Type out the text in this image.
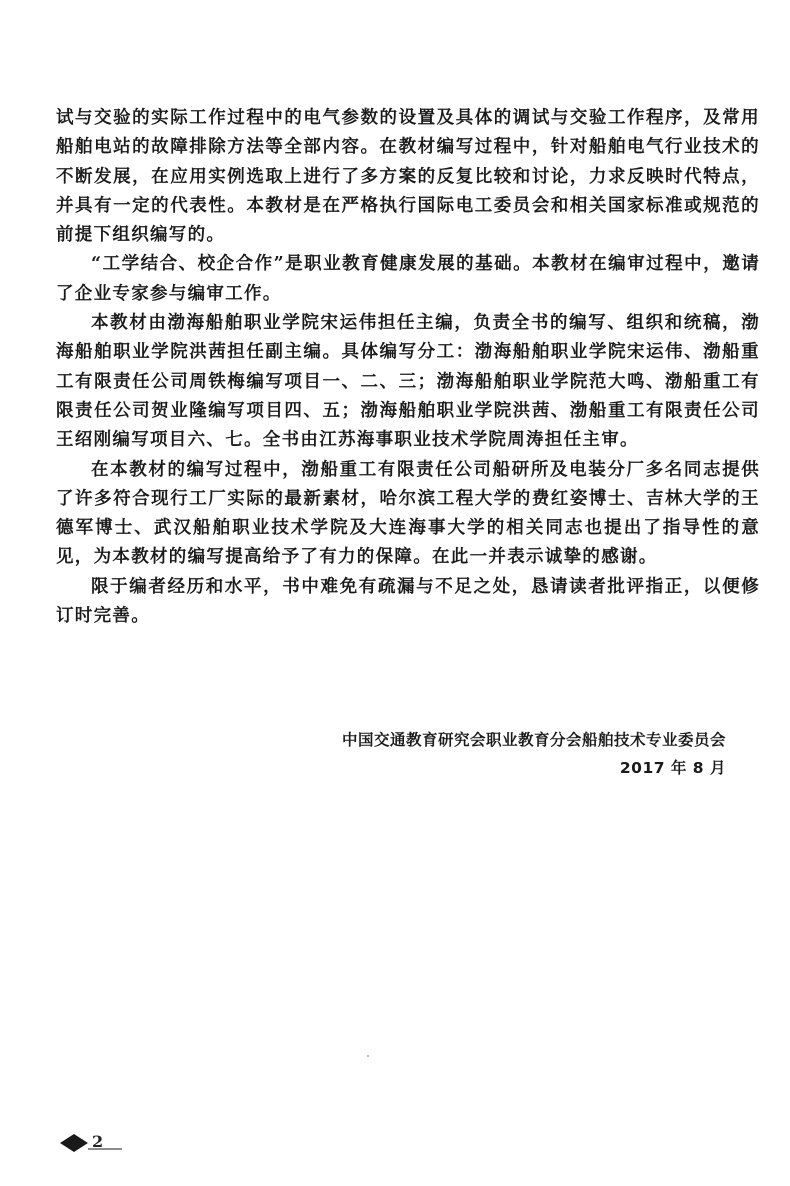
试与交验的实际工作过程中的电气参数的设置及具体的调试与交验工作程序，及常用船舶电站的故障排除方法等全部内容。在教材编写过程中，针对船舶电气行业技术的不断发展，在应用实例选取上进行了多方案的反复比较和讨论，力求反映时代特点，并具有一定的代表性。本教材是在严格执行国际电工委员会和相关国家标准或规范的前提下组织编写的。

“工学结合、校企合作”是职业教育健康发展的基础。本教材在编审过程中，邀请了企业专家参与编审工作。

本教材由渤海船舶职业学院宋运伟担任主编，负责全书的编写、组织和统稿，渤海船舶职业学院洪茜担任副主编。具体编写分工：渤海船舶职业学院宋运伟、渤船重工有限责任公司周铁梅编写项目一、二、三；渤海船舶职业学院范大鸣、渤船重工有限责任公司贺业隆编写项目四、五；渤海船舶职业学院洪茜、渤船重工有限责任公司王绍刚编写项目六、七。全书由江苏海事职业技术学院周涛担任主审。

在本教材的编写过程中，渤船重工有限责任公司船研所及电装分厂多名同志提供了许多符合现行工厂实际的最新素材，哈尔滨工程大学的费红姿博士、吉林大学的王德军博士、武汉船舶职业技术学院及大连海事大学的相关同志也提出了指导性的意见，为本教材的编写提高给予了有力的保障。在此一并表示诚挚的感谢。

限于编者经历和水平，书中难免有疏漏与不足之处，恳请读者批评指正，以便修订时完善。

中国交通教育研究会职业教育分会船舶技术专业委员会
2017 年 8 月
2
